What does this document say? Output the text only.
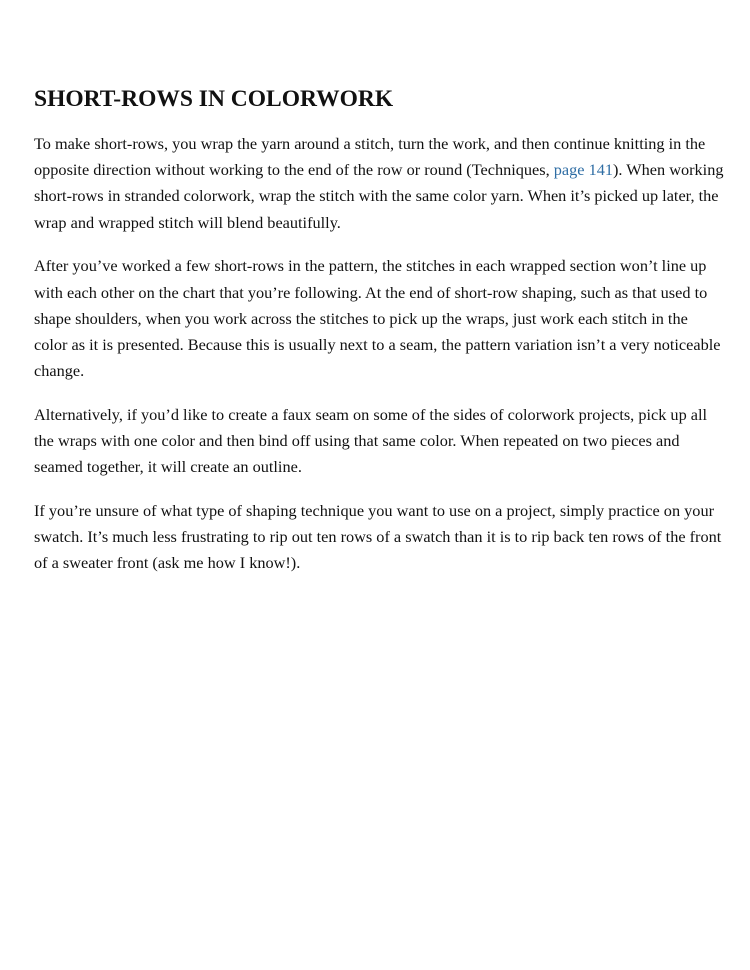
SHORT-ROWS IN COLORWORK

To make short-rows, you wrap the yarn around a stitch, turn the work, and then continue knitting in the opposite direction without working to the end of the row or round (Techniques, page 141). When working short-rows in stranded colorwork, wrap the stitch with the same color yarn. When it’s picked up later, the wrap and wrapped stitch will blend beautifully.

After you’ve worked a few short-rows in the pattern, the stitches in each wrapped section won’t line up with each other on the chart that you’re following. At the end of short-row shaping, such as that used to shape shoulders, when you work across the stitches to pick up the wraps, just work each stitch in the color as it is presented. Because this is usually next to a seam, the pattern variation isn’t a very noticeable change.

Alternatively, if you’d like to create a faux seam on some of the sides of colorwork projects, pick up all the wraps with one color and then bind off using that same color. When repeated on two pieces and seamed together, it will create an outline.

If you’re unsure of what type of shaping technique you want to use on a project, simply practice on your swatch. It’s much less frustrating to rip out ten rows of a swatch than it is to rip back ten rows of the front of a sweater front (ask me how I know!).
